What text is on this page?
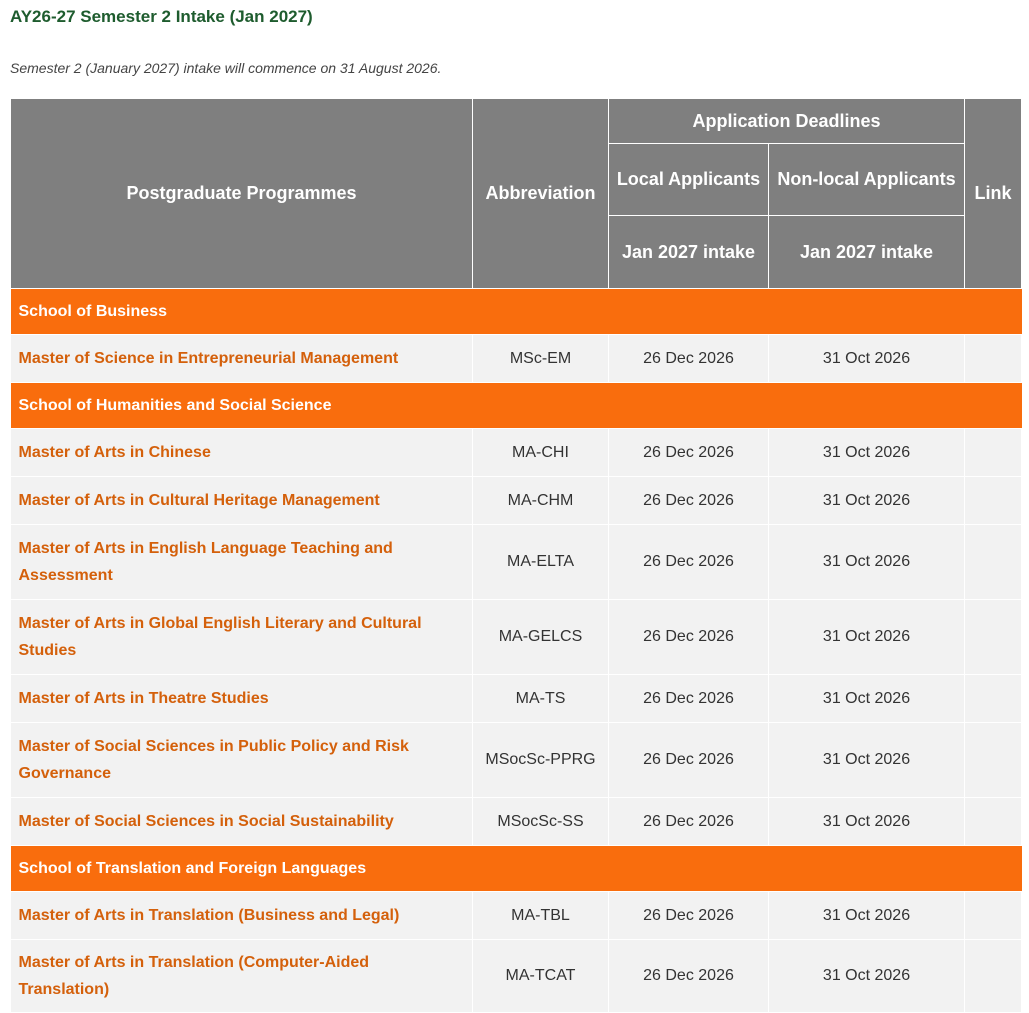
AY26-27 Semester 2 Intake (Jan 2027)

Semester 2 (January 2027) intake will commence on 31 August 2026.

Postgraduate Programmes	Abbreviation	Application Deadlines		Link
		Local Applicants	Non-local Applicants	
		Jan 2027 intake	Jan 2027 intake	
School of Business				
Master of Science in Entrepreneurial Management	MSc-EM	26 Dec 2026	31 Oct 2026	
School of Humanities and Social Science				
Master of Arts in Chinese	MA-CHI	26 Dec 2026	31 Oct 2026	
Master of Arts in Cultural Heritage Management	MA-CHM	26 Dec 2026	31 Oct 2026	
Master of Arts in English Language Teaching and Assessment	MA-ELTA	26 Dec 2026	31 Oct 2026	
Master of Arts in Global English Literary and Cultural Studies	MA-GELCS	26 Dec 2026	31 Oct 2026	
Master of Arts in Theatre Studies	MA-TS	26 Dec 2026	31 Oct 2026	
Master of Social Sciences in Public Policy and Risk Governance	MSocSc-PPRG	26 Dec 2026	31 Oct 2026	
Master of Social Sciences in Social Sustainability	MSocSc-SS	26 Dec 2026	31 Oct 2026	
School of Translation and Foreign Languages				
Master of Arts in Translation (Business and Legal)	MA-TBL	26 Dec 2026	31 Oct 2026	
Master of Arts in Translation (Computer-Aided Translation)	MA-TCAT	26 Dec 2026	31 Oct 2026	
